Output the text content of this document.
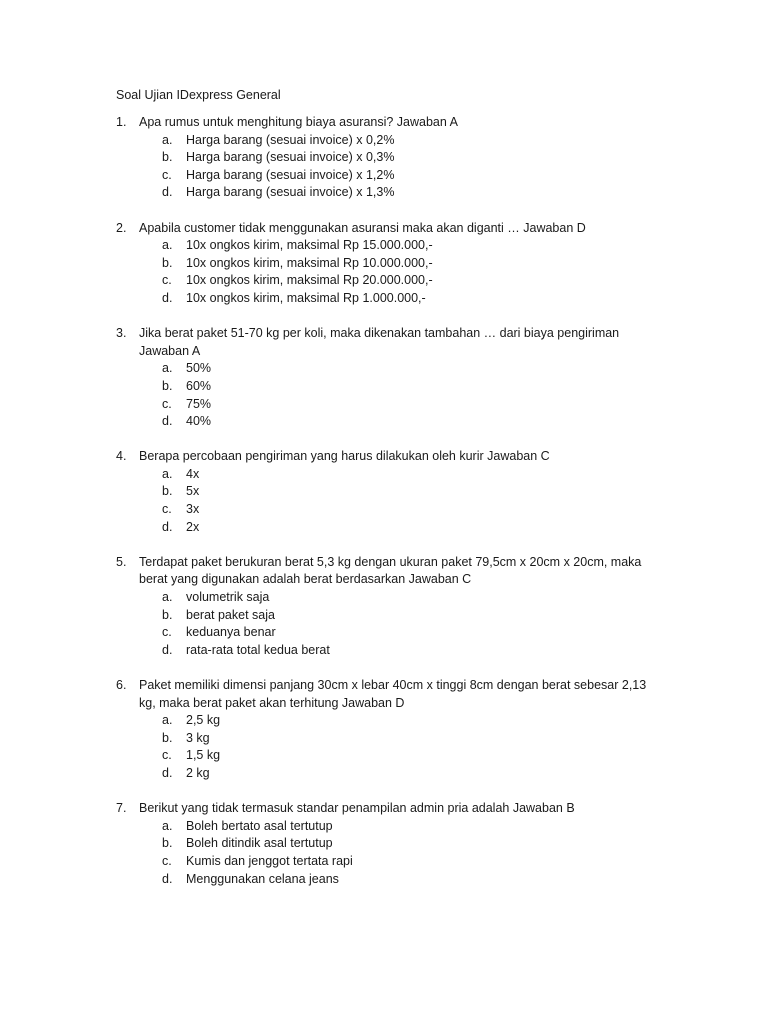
Soal Ujian IDexpress General
1. Apa rumus untuk menghitung biaya asuransi? Jawaban A
a. Harga barang (sesuai invoice) x 0,2%
b. Harga barang (sesuai invoice) x 0,3%
c. Harga barang (sesuai invoice) x 1,2%
d. Harga barang (sesuai invoice) x 1,3%
2. Apabila customer tidak menggunakan asuransi maka akan diganti … Jawaban D
a. 10x ongkos kirim, maksimal Rp 15.000.000,-
b. 10x ongkos kirim, maksimal Rp 10.000.000,-
c. 10x ongkos kirim, maksimal Rp 20.000.000,-
d. 10x ongkos kirim, maksimal Rp 1.000.000,-
3. Jika berat paket 51-70 kg per koli, maka dikenakan tambahan … dari biaya pengiriman Jawaban A
a. 50%
b. 60%
c. 75%
d. 40%
4. Berapa percobaan pengiriman yang harus dilakukan oleh kurir Jawaban C
a. 4x
b. 5x
c. 3x
d. 2x
5. Terdapat paket berukuran berat 5,3 kg dengan ukuran paket 79,5cm x 20cm x 20cm, maka berat yang digunakan adalah berat berdasarkan Jawaban C
a. volumetrik saja
b. berat paket saja
c. keduanya benar
d. rata-rata total kedua berat
6. Paket memiliki dimensi panjang 30cm x lebar 40cm x tinggi 8cm dengan berat sebesar 2,13 kg, maka berat paket akan terhitung Jawaban D
a. 2,5 kg
b. 3 kg
c. 1,5 kg
d. 2 kg
7. Berikut yang tidak termasuk standar penampilan admin pria adalah Jawaban B
a. Boleh bertato asal tertutup
b. Boleh ditindik asal tertutup
c. Kumis dan jenggot tertata rapi
d. Menggunakan celana jeans
